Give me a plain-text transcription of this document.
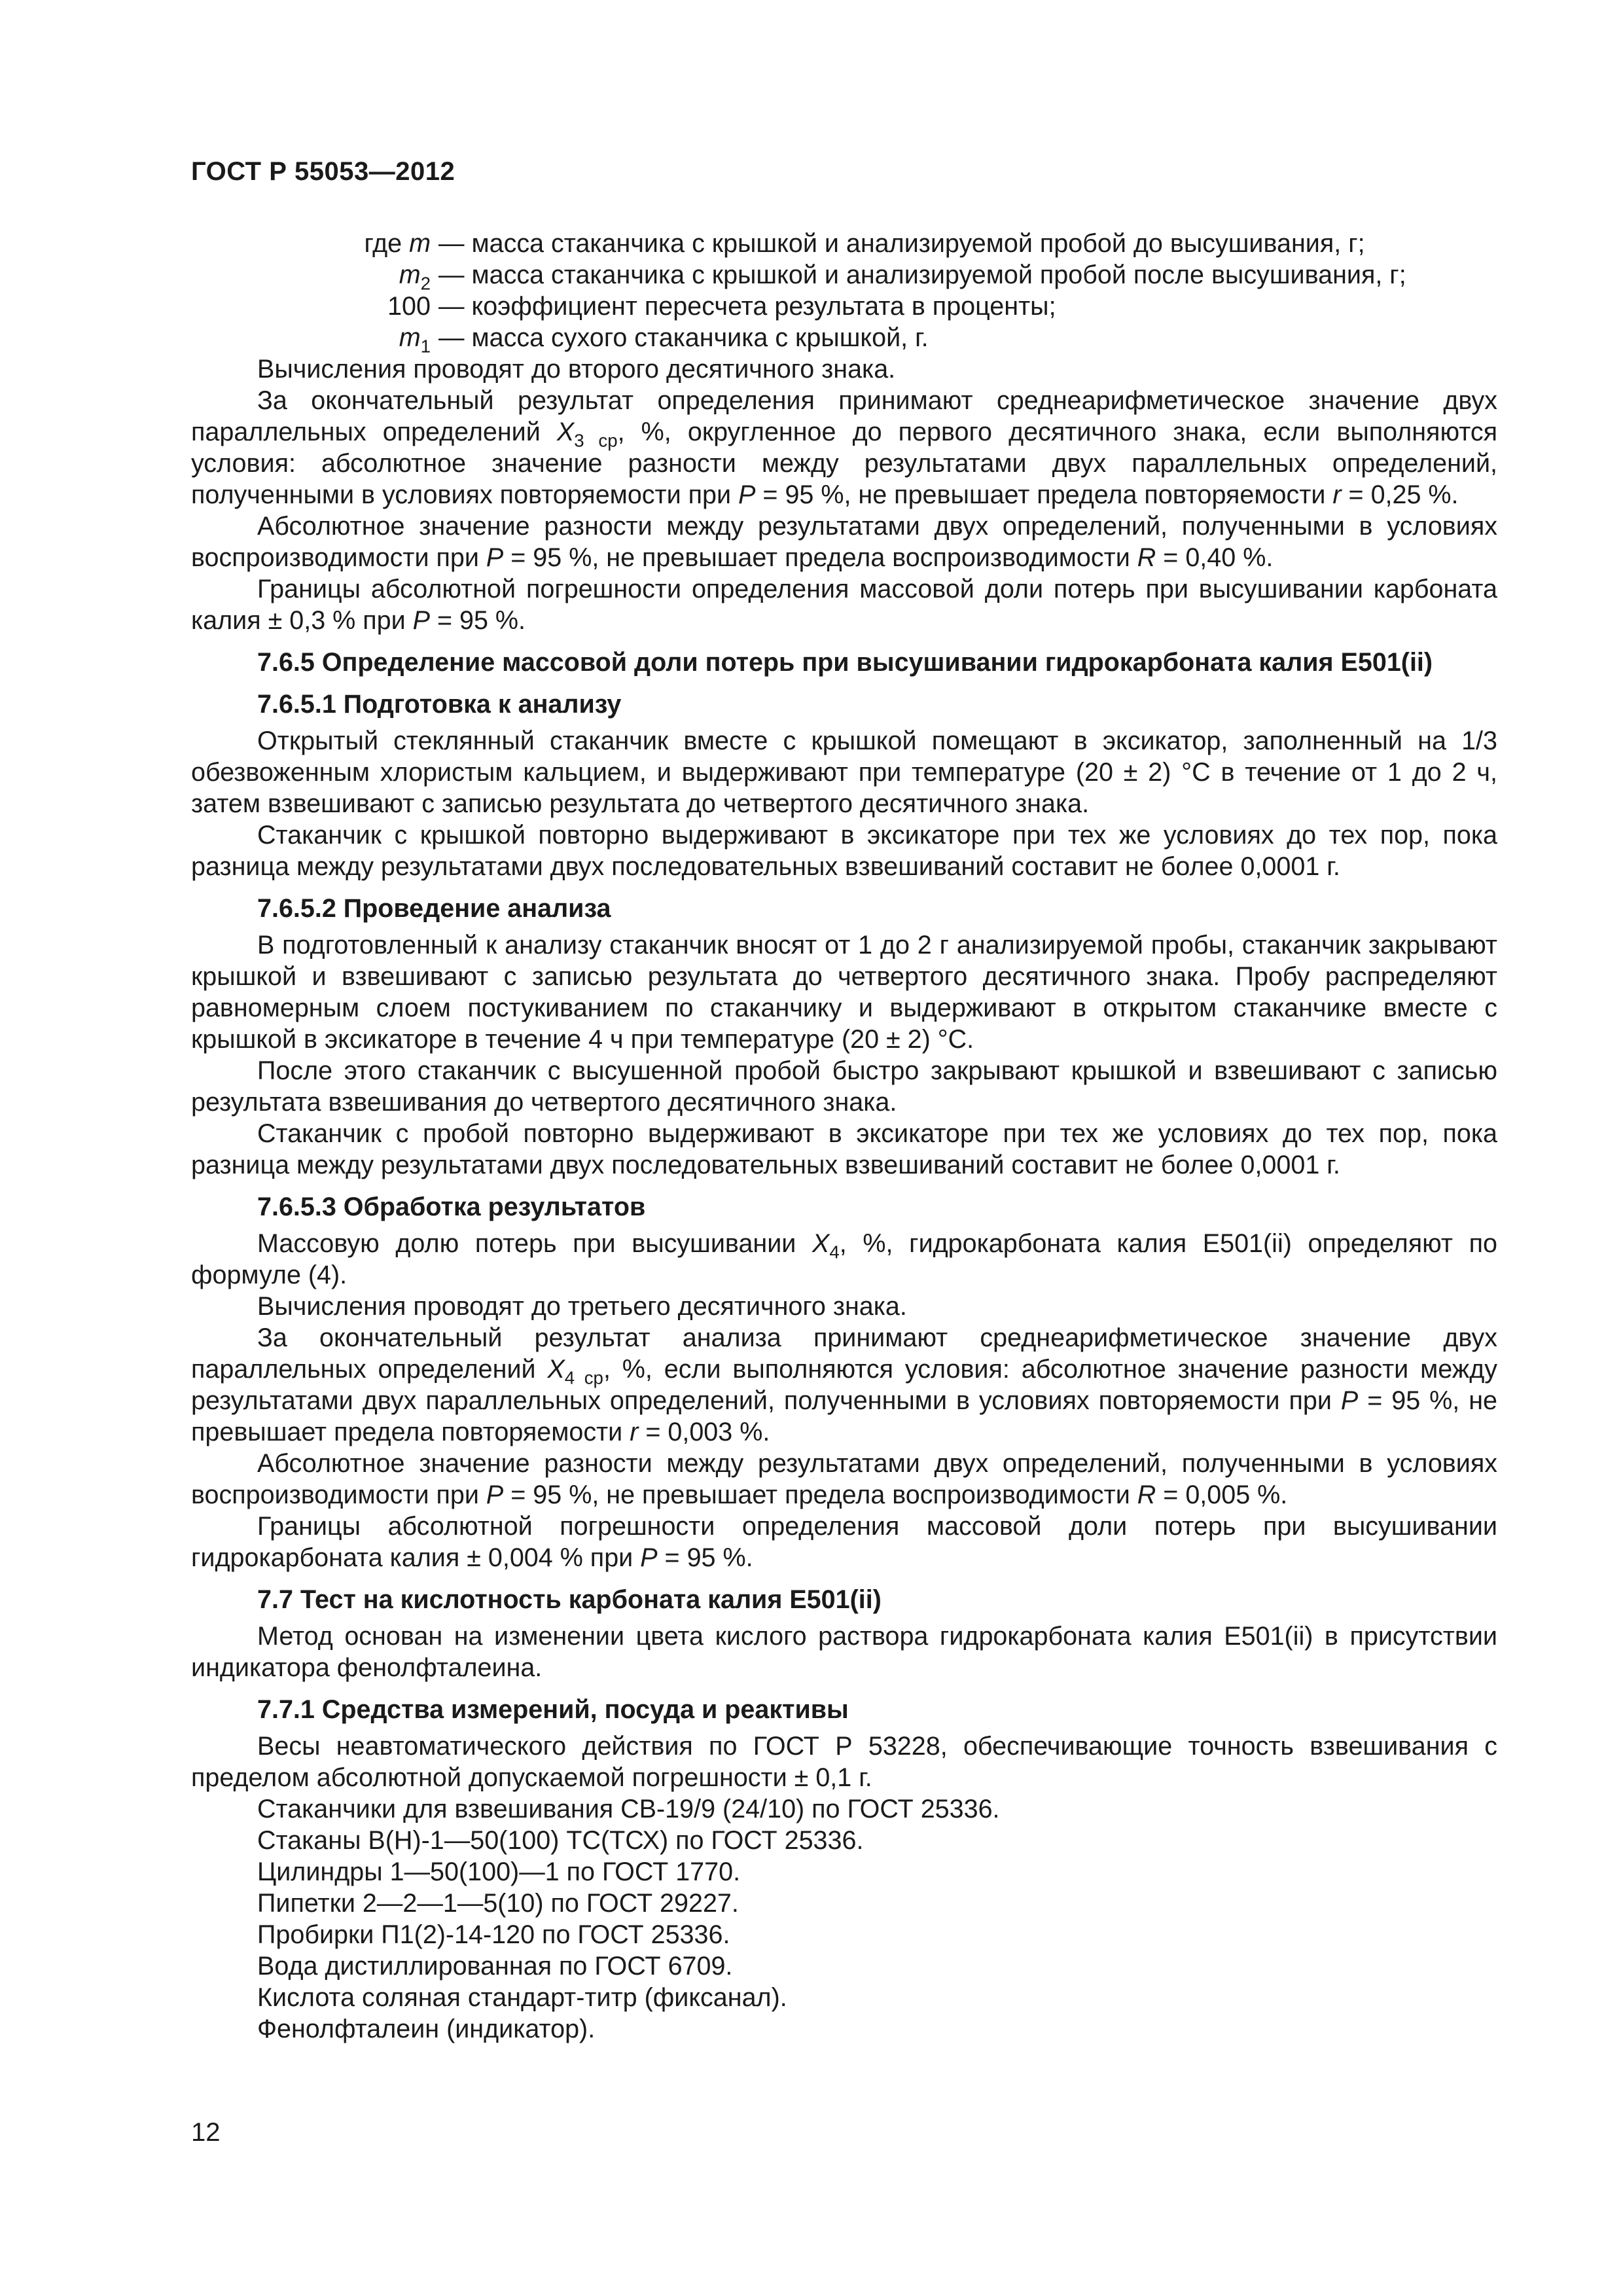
ГОСТ Р 55053—2012
где m — масса стаканчика с крышкой и анализируемой пробой до высушивания, г;
$m_2$ — масса стаканчика с крышкой и анализируемой пробой после высушивания, г;
100 — коэффициент пересчета результата в проценты;
$m_1$ — масса сухого стаканчика с крышкой, г.

Вычисления проводят до второго десятичного знака.

За окончательный результат определения принимают среднеарифметическое значение двух параллельных определений $X_{3 ср}$, %, округленное до первого десятичного знака, если выполняются условия: абсолютное значение разности между результатами двух параллельных определений, полученными в условиях повторяемости при P = 95 %, не превышает предела повторяемости r = 0,25 %.

Абсолютное значение разности между результатами двух определений, полученными в условиях воспроизводимости при P = 95 %, не превышает предела воспроизводимости R = 0,40 %.

Границы абсолютной погрешности определения массовой доли потерь при высушивании карбоната калия ± 0,3 % при P = 95 %.

7.6.5 Определение массовой доли потерь при высушивании гидрокарбоната калия Е501(ii)
7.6.5.1 Подготовка к анализу

Открытый стеклянный стаканчик вместе с крышкой помещают в эксикатор, заполненный на 1/3 обезвоженным хлористым кальцием, и выдерживают при температуре (20 ± 2) °С в течение от 1 до 2 ч, затем взвешивают с записью результата до четвертого десятичного знака.

Стаканчик с крышкой повторно выдерживают в эксикаторе при тех же условиях до тех пор, пока разница между результатами двух последовательных взвешиваний составит не более 0,0001 г.

7.6.5.2 Проведение анализа

В подготовленный к анализу стаканчик вносят от 1 до 2 г анализируемой пробы, стаканчик закрывают крышкой и взвешивают с записью результата до четвертого десятичного знака. Пробу распределяют равномерным слоем постукиванием по стаканчику и выдерживают в открытом стаканчике вместе с крышкой в эксикаторе в течение 4 ч при температуре (20 ± 2) °С.

После этого стаканчик с высушенной пробой быстро закрывают крышкой и взвешивают с записью результата взвешивания до четвертого десятичного знака.

Стаканчик с пробой повторно выдерживают в эксикаторе при тех же условиях до тех пор, пока разница между результатами двух последовательных взвешиваний составит не более 0,0001 г.

7.6.5.3 Обработка результатов

Массовую долю потерь при высушивании $X_4$, %, гидрокарбоната калия Е501(ii) определяют по формуле (4).

Вычисления проводят до третьего десятичного знака.

За окончательный результат анализа принимают среднеарифметическое значение двух параллельных определений $X_{4 ср}$, %, если выполняются условия: абсолютное значение разности между результатами двух параллельных определений, полученными в условиях повторяемости при P = 95 %, не превышает предела повторяемости r = 0,003 %.

Абсолютное значение разности между результатами двух определений, полученными в условиях воспроизводимости при P = 95 %, не превышает предела воспроизводимости R = 0,005 %.

Границы абсолютной погрешности определения массовой доли потерь при высушивании гидрокарбоната калия ± 0,004 % при P = 95 %.

7.7 Тест на кислотность карбоната калия Е501(ii)

Метод основан на изменении цвета кислого раствора гидрокарбоната калия Е501(ii) в присутствии индикатора фенолфталеина.

7.7.1 Средства измерений, посуда и реактивы

Весы неавтоматического действия по ГОСТ Р 53228, обеспечивающие точность взвешивания с пределом абсолютной допускаемой погрешности ± 0,1 г.

Стаканчики для взвешивания СВ-19/9 (24/10) по ГОСТ 25336.
Стаканы В(Н)-1—50(100) ТС(ТСХ) по ГОСТ 25336.
Цилиндры 1—50(100)—1 по ГОСТ 1770.
Пипетки 2—2—1—5(10) по ГОСТ 29227.
Пробирки П1(2)-14-120 по ГОСТ 25336.
Вода дистиллированная по ГОСТ 6709.
Кислота соляная стандарт-титр (фиксанал).
Фенолфталеин (индикатор).
12
